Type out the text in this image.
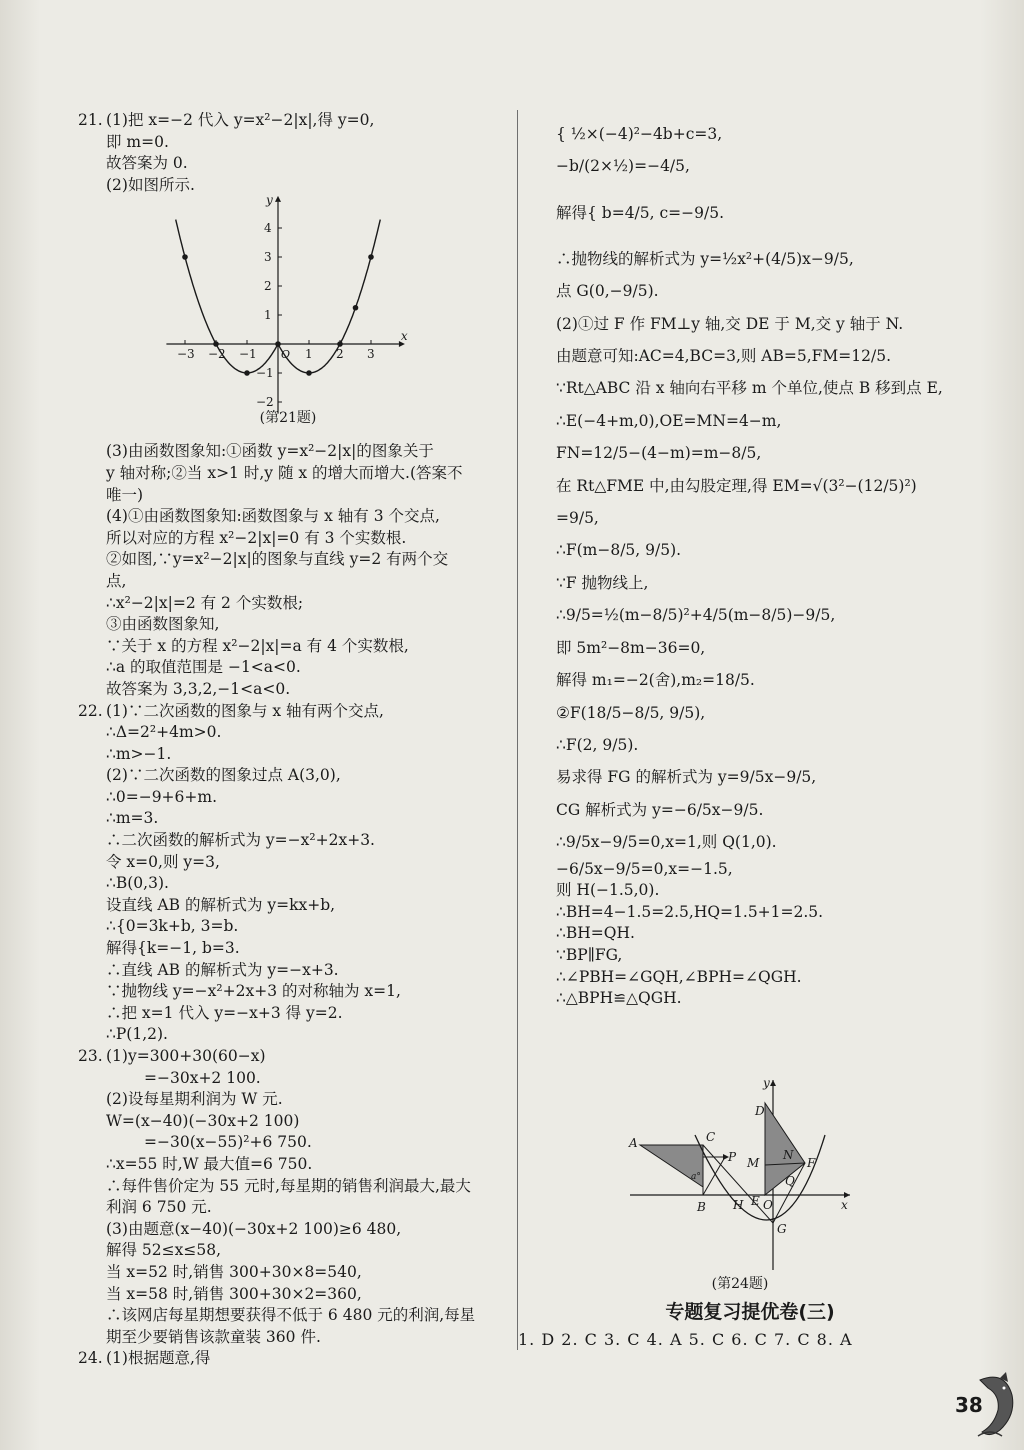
21. (1)把 x=−2 代入 y=x²−2|x|,得 y=0,
即 m=0.
故答案为 0.
(2)如图所示.
−3 −2 −1	1 2 3
4
3
2
1
−1
−2
x
y
O
(第21题)
(3)由函数图象知:①函数 y=x²−2|x|的图象关于
y 轴对称;②当 x>1 时,y 随 x 的增大而增大.(答案不
唯一)
(4)①由函数图象知:函数图象与 x 轴有 3 个交点,
所以对应的方程 x²−2|x|=0 有 3 个实数根.
②如图,∵y=x²−2|x|的图象与直线 y=2 有两个交
点,
∴x²−2|x|=2 有 2 个实数根;
③由函数图象知,
∵关于 x 的方程 x²−2|x|=a 有 4 个实数根,
∴a 的取值范围是 −1<a<0.
故答案为 3,3,2,−1<a<0.
22. (1)∵二次函数的图象与 x 轴有两个交点,
∴Δ=2²+4m>0.
∴m>−1.
(2)∵二次函数的图象过点 A(3,0),
∴0=−9+6+m.
∴m=3.
∴二次函数的解析式为 y=−x²+2x+3.
令 x=0,则 y=3,
∴B(0,3).
设直线 AB 的解析式为 y=kx+b,
∴{0=3k+b, 3=b.
解得{k=−1, b=3.
∴直线 AB 的解析式为 y=−x+3.
∵抛物线 y=−x²+2x+3 的对称轴为 x=1,
∴把 x=1 代入 y=−x+3 得 y=2.
∴P(1,2).
23. (1)y=300+30(60−x)
=−30x+2 100.
(2)设每星期利润为 W 元.
W=(x−40)(−30x+2 100)
=−30(x−55)²+6 750.
∴x=55 时,W 最大值=6 750.
∴每件售价定为 55 元时,每星期的销售利润最大,最大
利润 6 750 元.
(3)由题意(x−40)(−30x+2 100)≥6 480,
解得 52≤x≤58,
当 x=52 时,销售 300+30×8=540,
当 x=58 时,销售 300+30×2=360,
∴该网店每星期想要获得不低于 6 480 元的利润,每星
期至少要销售该款童装 360 件.
24. (1)根据题意,得
{ ½×(−4)²−4b+c=3,
−b/(2×½)=−4/5,
解得{ b=4/5, c=−9/5.
∴抛物线的解析式为 y=½x²+(4/5)x−9/5,
点 G(0,−9/5).
(2)①过 F 作 FM⊥y 轴,交 DE 于 M,交 y 轴于 N.
由题意可知:AC=4,BC=3,则 AB=5,FM=12/5.
∵Rt△ABC 沿 x 轴向右平移 m 个单位,使点 B 移到点 E,
∴E(−4+m,0),OE=MN=4−m,
FN=12/5−(4−m)=m−8/5,
在 Rt△FME 中,由勾股定理,得 EM=√(3²−(12/5)²)
=9/5,
∴F(m−8/5, 9/5).
∵F 抛物线上,
∴9/5=½(m−8/5)²+4/5(m−8/5)−9/5,
即 5m²−8m−36=0,
解得 m₁=−2(舍),m₂=18/5.
②F(18/5−8/5, 9/5),
∴F(2, 9/5).
易求得 FG 的解析式为 y=9/5x−9/5,
CG 解析式为 y=−6/5x−9/5.
∴9/5x−9/5=0,x=1,则 Q(1,0).
−6/5x−9/5=0,x=−1.5,
则 H(−1.5,0).
∴BH=4−1.5=2.5,HQ=1.5+1=2.5.
∴BH=QH.
∵BP∥FG,
∴∠PBH=∠GQH,∠BPH=∠QGH.
∴△BPH≌△QGH.
A	C
P
B H E O
Q
D
M
N
F
G
a°
x
y
(第24题)
专题复习提优卷(三)
1. D 2. C 3. C 4. A 5. C 6. C 7. C 8. A
38
